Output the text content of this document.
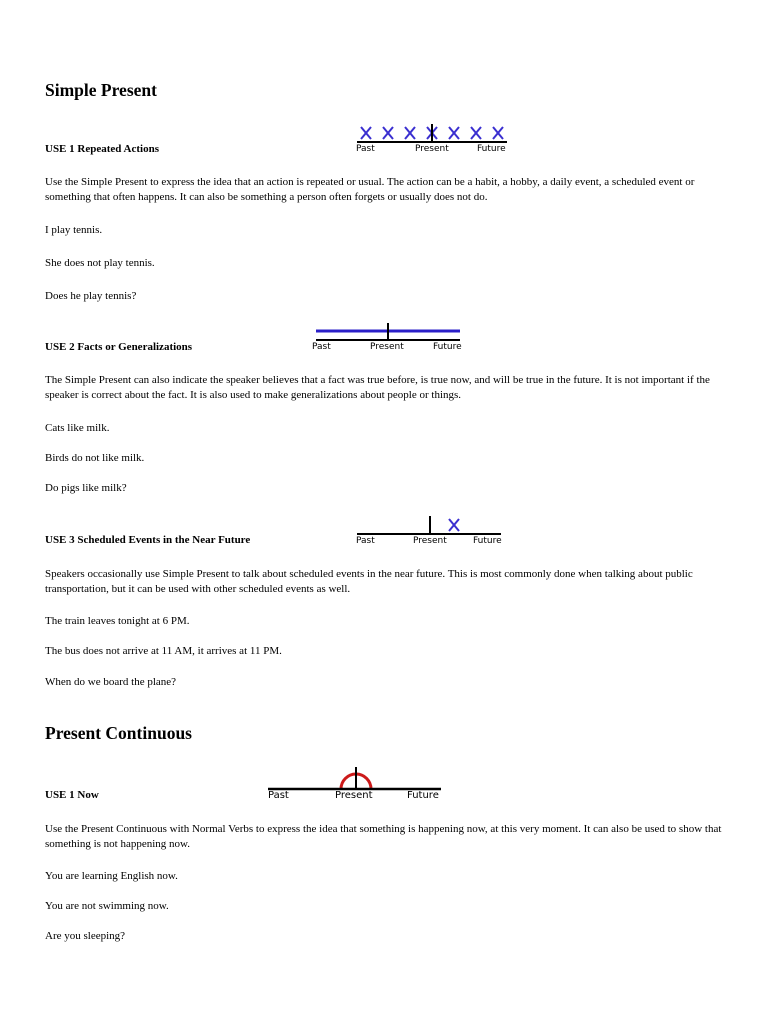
Simple Present
USE 1 Repeated Actions	Past	Present	Future

Use the Simple Present to express the idea that an action is repeated or usual. The action can be a habit, a hobby, a daily event, a scheduled event or something that often happens. It can also be something a person often forgets or usually does not do.

I play tennis.
She does not play tennis.
Does he play tennis?
USE 2 Facts or Generalizations	Past	Present	Future

The Simple Present can also indicate the speaker believes that a fact was true before, is true now, and will be true in the future. It is not important if the speaker is correct about the fact. It is also used to make generalizations about people or things.

Cats like milk.
Birds do not like milk.
Do pigs like milk?
USE 3 Scheduled Events in the Near Future	Past	Present	Future

Speakers occasionally use Simple Present to talk about scheduled events in the near future. This is most commonly done when talking about public transportation, but it can be used with other scheduled events as well.

The train leaves tonight at 6 PM.
The bus does not arrive at 11 AM, it arrives at 11 PM.
When do we board the plane?
Present Continuous
USE 1 Now	Past	Present	Future

Use the Present Continuous with Normal Verbs to express the idea that something is happening now, at this very moment. It can also be used to show that something is not happening now.

You are learning English now.
You are not swimming now.
Are you sleeping?
